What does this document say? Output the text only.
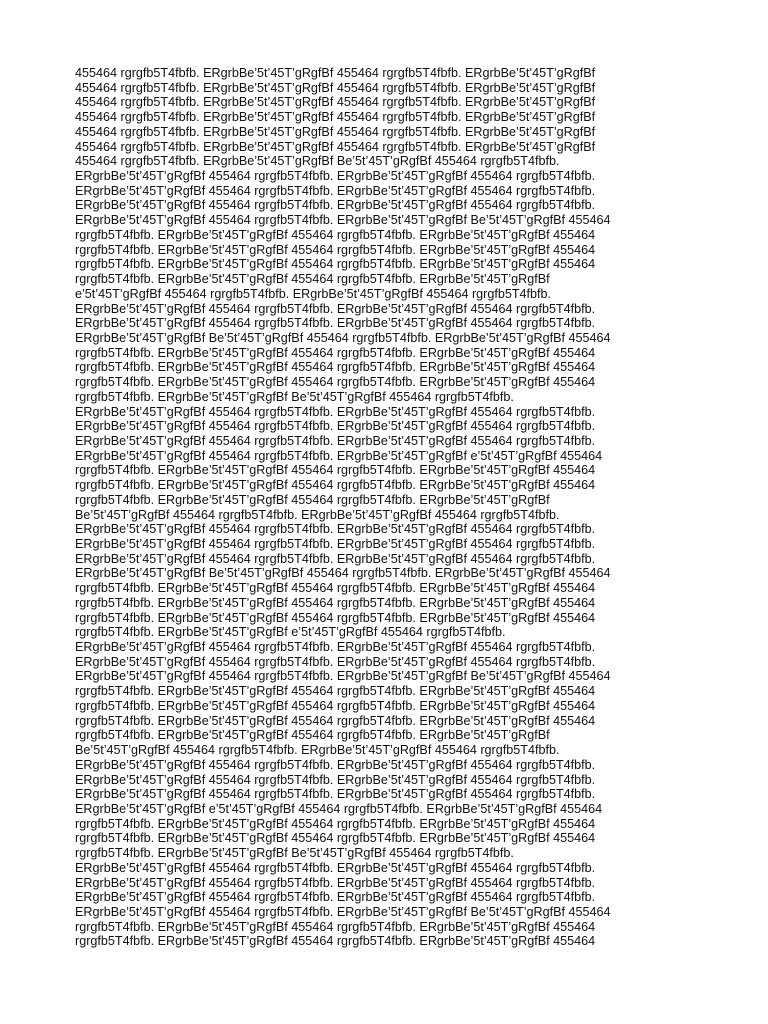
455464 rgrgfb5T4fbfb. ERgrbBe’5t’45T’gRgfBf 455464 rgrgfb5T4fbfb. ERgrbBe’5t’45T’gRgfBf
455464 rgrgfb5T4fbfb. ERgrbBe’5t’45T’gRgfBf 455464 rgrgfb5T4fbfb. ERgrbBe’5t’45T’gRgfBf
455464 rgrgfb5T4fbfb. ERgrbBe’5t’45T’gRgfBf 455464 rgrgfb5T4fbfb. ERgrbBe’5t’45T’gRgfBf
455464 rgrgfb5T4fbfb. ERgrbBe’5t’45T’gRgfBf 455464 rgrgfb5T4fbfb. ERgrbBe’5t’45T’gRgfBf
455464 rgrgfb5T4fbfb. ERgrbBe’5t’45T’gRgfBf 455464 rgrgfb5T4fbfb. ERgrbBe’5t’45T’gRgfBf
455464 rgrgfb5T4fbfb. ERgrbBe’5t’45T’gRgfBf 455464 rgrgfb5T4fbfb. ERgrbBe’5t’45T’gRgfBf
455464 rgrgfb5T4fbfb. ERgrbBe’5t’45T’gRgfBf Be’5t’45T’gRgfBf 455464 rgrgfb5T4fbfb.
ERgrbBe’5t’45T’gRgfBf 455464 rgrgfb5T4fbfb. ERgrbBe’5t’45T’gRgfBf 455464 rgrgfb5T4fbfb.
ERgrbBe’5t’45T’gRgfBf 455464 rgrgfb5T4fbfb. ERgrbBe’5t’45T’gRgfBf 455464 rgrgfb5T4fbfb.
ERgrbBe’5t’45T’gRgfBf 455464 rgrgfb5T4fbfb. ERgrbBe’5t’45T’gRgfBf 455464 rgrgfb5T4fbfb.
ERgrbBe’5t’45T’gRgfBf 455464 rgrgfb5T4fbfb. ERgrbBe’5t’45T’gRgfBf Be’5t’45T’gRgfBf 455464
rgrgfb5T4fbfb. ERgrbBe’5t’45T’gRgfBf 455464 rgrgfb5T4fbfb. ERgrbBe’5t’45T’gRgfBf 455464
rgrgfb5T4fbfb. ERgrbBe’5t’45T’gRgfBf 455464 rgrgfb5T4fbfb. ERgrbBe’5t’45T’gRgfBf 455464
rgrgfb5T4fbfb. ERgrbBe’5t’45T’gRgfBf 455464 rgrgfb5T4fbfb. ERgrbBe’5t’45T’gRgfBf 455464
rgrgfb5T4fbfb. ERgrbBe’5t’45T’gRgfBf 455464 rgrgfb5T4fbfb. ERgrbBe’5t’45T’gRgfBf
e’5t’45T’gRgfBf 455464 rgrgfb5T4fbfb. ERgrbBe’5t’45T’gRgfBf 455464 rgrgfb5T4fbfb.
ERgrbBe’5t’45T’gRgfBf 455464 rgrgfb5T4fbfb. ERgrbBe’5t’45T’gRgfBf 455464 rgrgfb5T4fbfb.
ERgrbBe’5t’45T’gRgfBf 455464 rgrgfb5T4fbfb. ERgrbBe’5t’45T’gRgfBf 455464 rgrgfb5T4fbfb.
ERgrbBe’5t’45T’gRgfBf Be’5t’45T’gRgfBf 455464 rgrgfb5T4fbfb. ERgrbBe’5t’45T’gRgfBf 455464
rgrgfb5T4fbfb. ERgrbBe’5t’45T’gRgfBf 455464 rgrgfb5T4fbfb. ERgrbBe’5t’45T’gRgfBf 455464
rgrgfb5T4fbfb. ERgrbBe’5t’45T’gRgfBf 455464 rgrgfb5T4fbfb. ERgrbBe’5t’45T’gRgfBf 455464
rgrgfb5T4fbfb. ERgrbBe’5t’45T’gRgfBf 455464 rgrgfb5T4fbfb. ERgrbBe’5t’45T’gRgfBf 455464
rgrgfb5T4fbfb. ERgrbBe’5t’45T’gRgfBf Be’5t’45T’gRgfBf 455464 rgrgfb5T4fbfb.
ERgrbBe’5t’45T’gRgfBf 455464 rgrgfb5T4fbfb. ERgrbBe’5t’45T’gRgfBf 455464 rgrgfb5T4fbfb.
ERgrbBe’5t’45T’gRgfBf 455464 rgrgfb5T4fbfb. ERgrbBe’5t’45T’gRgfBf 455464 rgrgfb5T4fbfb.
ERgrbBe’5t’45T’gRgfBf 455464 rgrgfb5T4fbfb. ERgrbBe’5t’45T’gRgfBf 455464 rgrgfb5T4fbfb.
ERgrbBe’5t’45T’gRgfBf 455464 rgrgfb5T4fbfb. ERgrbBe’5t’45T’gRgfBf e’5t’45T’gRgfBf 455464
rgrgfb5T4fbfb. ERgrbBe’5t’45T’gRgfBf 455464 rgrgfb5T4fbfb. ERgrbBe’5t’45T’gRgfBf 455464
rgrgfb5T4fbfb. ERgrbBe’5t’45T’gRgfBf 455464 rgrgfb5T4fbfb. ERgrbBe’5t’45T’gRgfBf 455464
rgrgfb5T4fbfb. ERgrbBe’5t’45T’gRgfBf 455464 rgrgfb5T4fbfb. ERgrbBe’5t’45T’gRgfBf
Be’5t’45T’gRgfBf 455464 rgrgfb5T4fbfb. ERgrbBe’5t’45T’gRgfBf 455464 rgrgfb5T4fbfb.
ERgrbBe’5t’45T’gRgfBf 455464 rgrgfb5T4fbfb. ERgrbBe’5t’45T’gRgfBf 455464 rgrgfb5T4fbfb.
ERgrbBe’5t’45T’gRgfBf 455464 rgrgfb5T4fbfb. ERgrbBe’5t’45T’gRgfBf 455464 rgrgfb5T4fbfb.
ERgrbBe’5t’45T’gRgfBf 455464 rgrgfb5T4fbfb. ERgrbBe’5t’45T’gRgfBf 455464 rgrgfb5T4fbfb.
ERgrbBe’5t’45T’gRgfBf Be’5t’45T’gRgfBf 455464 rgrgfb5T4fbfb. ERgrbBe’5t’45T’gRgfBf 455464
rgrgfb5T4fbfb. ERgrbBe’5t’45T’gRgfBf 455464 rgrgfb5T4fbfb. ERgrbBe’5t’45T’gRgfBf 455464
rgrgfb5T4fbfb. ERgrbBe’5t’45T’gRgfBf 455464 rgrgfb5T4fbfb. ERgrbBe’5t’45T’gRgfBf 455464
rgrgfb5T4fbfb. ERgrbBe’5t’45T’gRgfBf 455464 rgrgfb5T4fbfb. ERgrbBe’5t’45T’gRgfBf 455464
rgrgfb5T4fbfb. ERgrbBe’5t’45T’gRgfBf e’5t’45T’gRgfBf 455464 rgrgfb5T4fbfb.
ERgrbBe’5t’45T’gRgfBf 455464 rgrgfb5T4fbfb. ERgrbBe’5t’45T’gRgfBf 455464 rgrgfb5T4fbfb.
ERgrbBe’5t’45T’gRgfBf 455464 rgrgfb5T4fbfb. ERgrbBe’5t’45T’gRgfBf 455464 rgrgfb5T4fbfb.
ERgrbBe’5t’45T’gRgfBf 455464 rgrgfb5T4fbfb. ERgrbBe’5t’45T’gRgfBf Be’5t’45T’gRgfBf 455464
rgrgfb5T4fbfb. ERgrbBe’5t’45T’gRgfBf 455464 rgrgfb5T4fbfb. ERgrbBe’5t’45T’gRgfBf 455464
rgrgfb5T4fbfb. ERgrbBe’5t’45T’gRgfBf 455464 rgrgfb5T4fbfb. ERgrbBe’5t’45T’gRgfBf 455464
rgrgfb5T4fbfb. ERgrbBe’5t’45T’gRgfBf 455464 rgrgfb5T4fbfb. ERgrbBe’5t’45T’gRgfBf 455464
rgrgfb5T4fbfb. ERgrbBe’5t’45T’gRgfBf 455464 rgrgfb5T4fbfb. ERgrbBe’5t’45T’gRgfBf
Be’5t’45T’gRgfBf 455464 rgrgfb5T4fbfb. ERgrbBe’5t’45T’gRgfBf 455464 rgrgfb5T4fbfb.
ERgrbBe’5t’45T’gRgfBf 455464 rgrgfb5T4fbfb. ERgrbBe’5t’45T’gRgfBf 455464 rgrgfb5T4fbfb.
ERgrbBe’5t’45T’gRgfBf 455464 rgrgfb5T4fbfb. ERgrbBe’5t’45T’gRgfBf 455464 rgrgfb5T4fbfb.
ERgrbBe’5t’45T’gRgfBf 455464 rgrgfb5T4fbfb. ERgrbBe’5t’45T’gRgfBf 455464 rgrgfb5T4fbfb.
ERgrbBe’5t’45T’gRgfBf e’5t’45T’gRgfBf 455464 rgrgfb5T4fbfb. ERgrbBe’5t’45T’gRgfBf 455464
rgrgfb5T4fbfb. ERgrbBe’5t’45T’gRgfBf 455464 rgrgfb5T4fbfb. ERgrbBe’5t’45T’gRgfBf 455464
rgrgfb5T4fbfb. ERgrbBe’5t’45T’gRgfBf 455464 rgrgfb5T4fbfb. ERgrbBe’5t’45T’gRgfBf 455464
rgrgfb5T4fbfb. ERgrbBe’5t’45T’gRgfBf Be’5t’45T’gRgfBf 455464 rgrgfb5T4fbfb.
ERgrbBe’5t’45T’gRgfBf 455464 rgrgfb5T4fbfb. ERgrbBe’5t’45T’gRgfBf 455464 rgrgfb5T4fbfb.
ERgrbBe’5t’45T’gRgfBf 455464 rgrgfb5T4fbfb. ERgrbBe’5t’45T’gRgfBf 455464 rgrgfb5T4fbfb.
ERgrbBe’5t’45T’gRgfBf 455464 rgrgfb5T4fbfb. ERgrbBe’5t’45T’gRgfBf 455464 rgrgfb5T4fbfb.
ERgrbBe’5t’45T’gRgfBf 455464 rgrgfb5T4fbfb. ERgrbBe’5t’45T’gRgfBf Be’5t’45T’gRgfBf 455464
rgrgfb5T4fbfb. ERgrbBe’5t’45T’gRgfBf 455464 rgrgfb5T4fbfb. ERgrbBe’5t’45T’gRgfBf 455464
rgrgfb5T4fbfb. ERgrbBe’5t’45T’gRgfBf 455464 rgrgfb5T4fbfb. ERgrbBe’5t’45T’gRgfBf 455464
